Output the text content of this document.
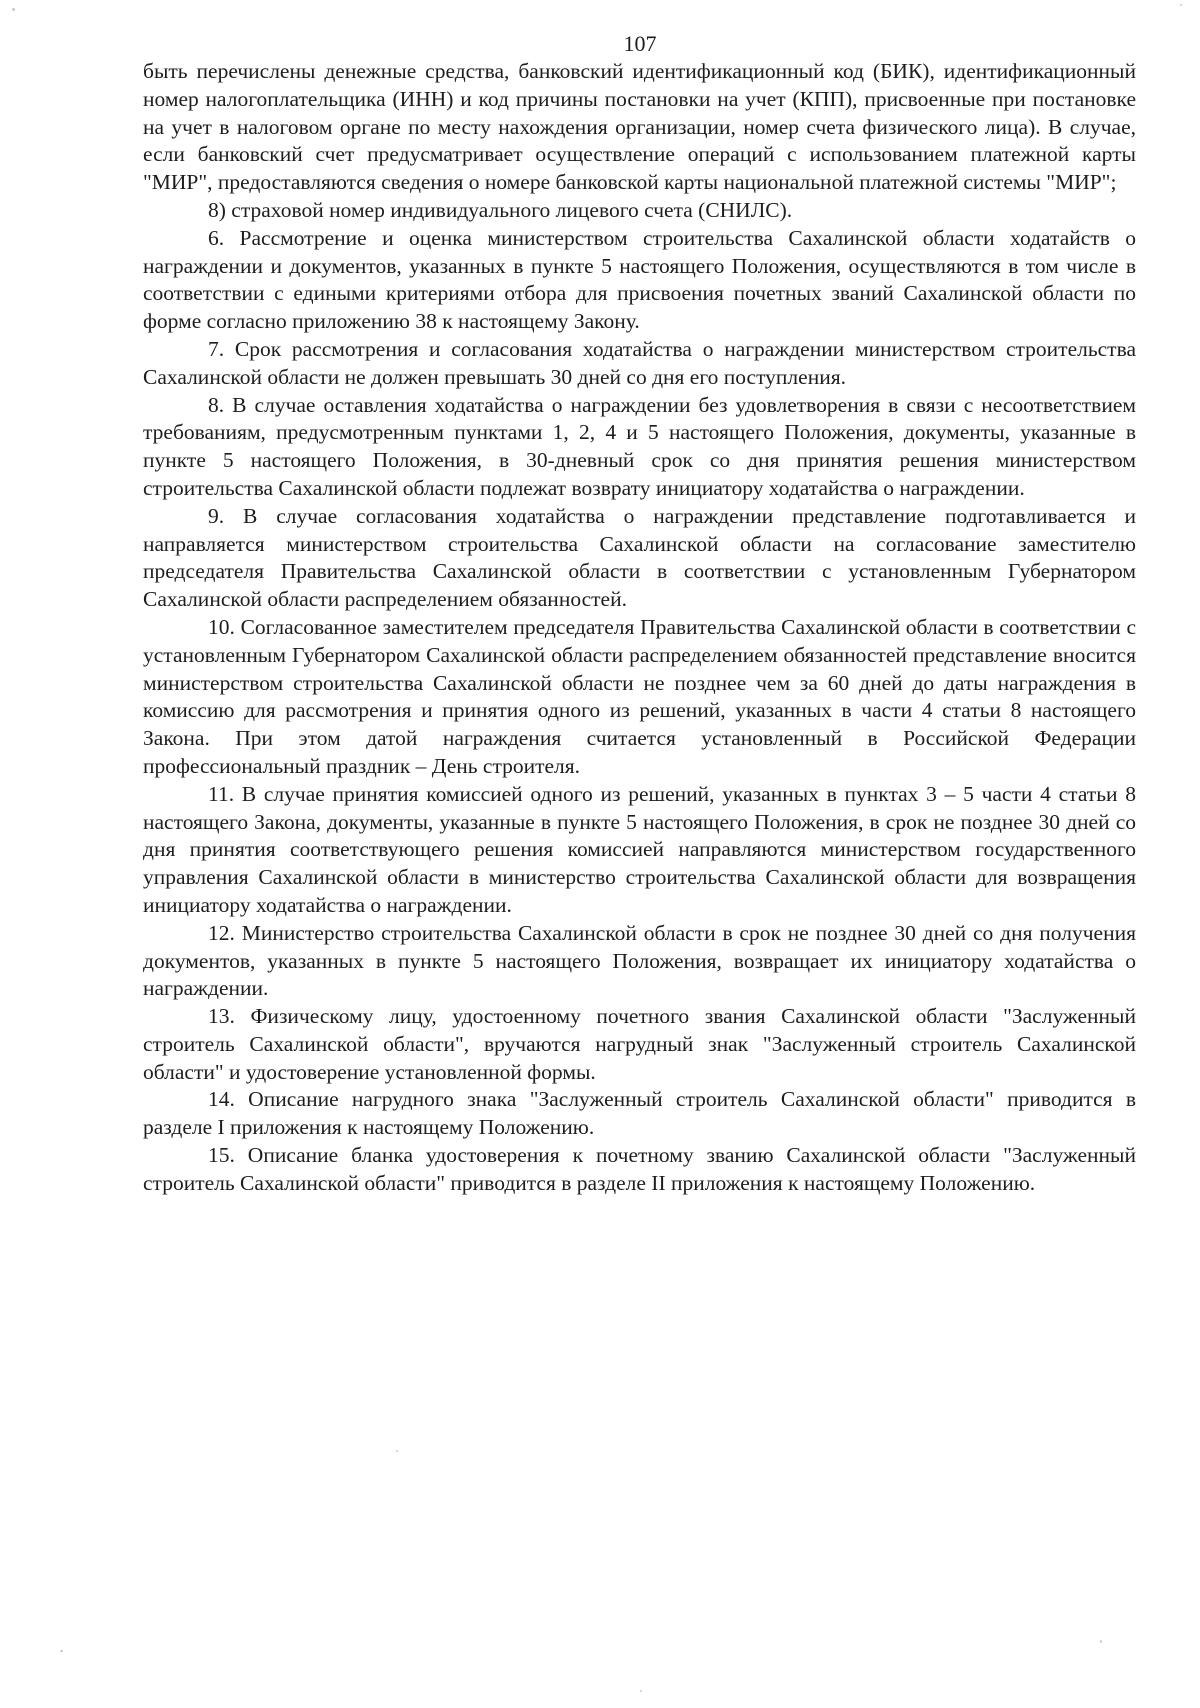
107

быть перечислены денежные средства, банковский идентификационный код (БИК), идентификационный номер налогоплательщика (ИНН) и код причины постановки на учет (КПП), присвоенные при постановке на учет в налоговом органе по месту нахождения организации, номер счета физического лица). В случае, если банковский счет предусматривает осуществление операций с использованием платежной карты "МИР", предоставляются сведения о номере банковской карты национальной платежной системы "МИР";

8) страховой номер индивидуального лицевого счета (СНИЛС).

6. Рассмотрение и оценка министерством строительства Сахалинской области ходатайств о награждении и документов, указанных в пункте 5 настоящего Положения, осуществляются в том числе в соответствии с едиными критериями отбора для присвоения почетных званий Сахалинской области по форме согласно приложению 38 к настоящему Закону.

7. Срок рассмотрения и согласования ходатайства о награждении министерством строительства Сахалинской области не должен превышать 30 дней со дня его поступления.

8. В случае оставления ходатайства о награждении без удовлетворения в связи с несоответствием требованиям, предусмотренным пунктами 1, 2, 4 и 5 настоящего Положения, документы, указанные в пункте 5 настоящего Положения, в 30-дневный срок со дня принятия решения министерством строительства Сахалинской области подлежат возврату инициатору ходатайства о награждении.

9. В случае согласования ходатайства о награждении представление подготавливается и направляется министерством строительства Сахалинской области на согласование заместителю председателя Правительства Сахалинской области в соответствии с установленным Губернатором Сахалинской области распределением обязанностей.

10. Согласованное заместителем председателя Правительства Сахалинской области в соответствии с установленным Губернатором Сахалинской области распределением обязанностей представление вносится министерством строительства Сахалинской области не позднее чем за 60 дней до даты награждения в комиссию для рассмотрения и принятия одного из решений, указанных в части 4 статьи 8 настоящего Закона. При этом датой награждения считается установленный в Российской Федерации профессиональный праздник – День строителя.

11. В случае принятия комиссией одного из решений, указанных в пунктах 3 – 5 части 4 статьи 8 настоящего Закона, документы, указанные в пункте 5 настоящего Положения, в срок не позднее 30 дней со дня принятия соответствующего решения комиссией направляются министерством государственного управления Сахалинской области в министерство строительства Сахалинской области для возвращения инициатору ходатайства о награждении.

12. Министерство строительства Сахалинской области в срок не позднее 30 дней со дня получения документов, указанных в пункте 5 настоящего Положения, возвращает их инициатору ходатайства о награждении.

13. Физическому лицу, удостоенному почетного звания Сахалинской области "Заслуженный строитель Сахалинской области", вручаются нагрудный знак "Заслуженный строитель Сахалинской области" и удостоверение установленной формы.

14. Описание нагрудного знака "Заслуженный строитель Сахалинской области" приводится в разделе I приложения к настоящему Положению.

15. Описание бланка удостоверения к почетному званию Сахалинской области "Заслуженный строитель Сахалинской области" приводится в разделе II приложения к настоящему Положению.
